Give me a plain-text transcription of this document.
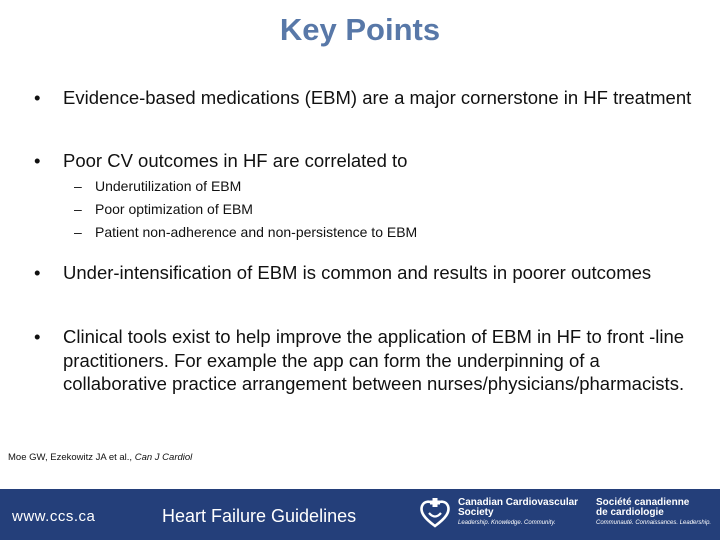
Key Points
•	Evidence-based medications (EBM) are a major cornerstone in HF treatment
•	Poor CV outcomes in HF are correlated to
– Underutilization of EBM
– Poor optimization of EBM
– Patient non-adherence and non-persistence to EBM
•	Under-intensification of EBM is common and results in poorer outcomes
•	Clinical tools exist to help improve the application of EBM in HF to front -line practitioners. For example the app can form the underpinning of a collaborative practice arrangement between nurses/physicians/pharmacists.
Moe GW, Ezekowitz JA et al., Can J Cardiol
www.ccs.ca	Heart Failure Guidelines
Canadian Cardiovascular
Society
Leadership. Knowledge. Community.
Société canadienne
de cardiologie
Communauté. Connaissances. Leadership.
